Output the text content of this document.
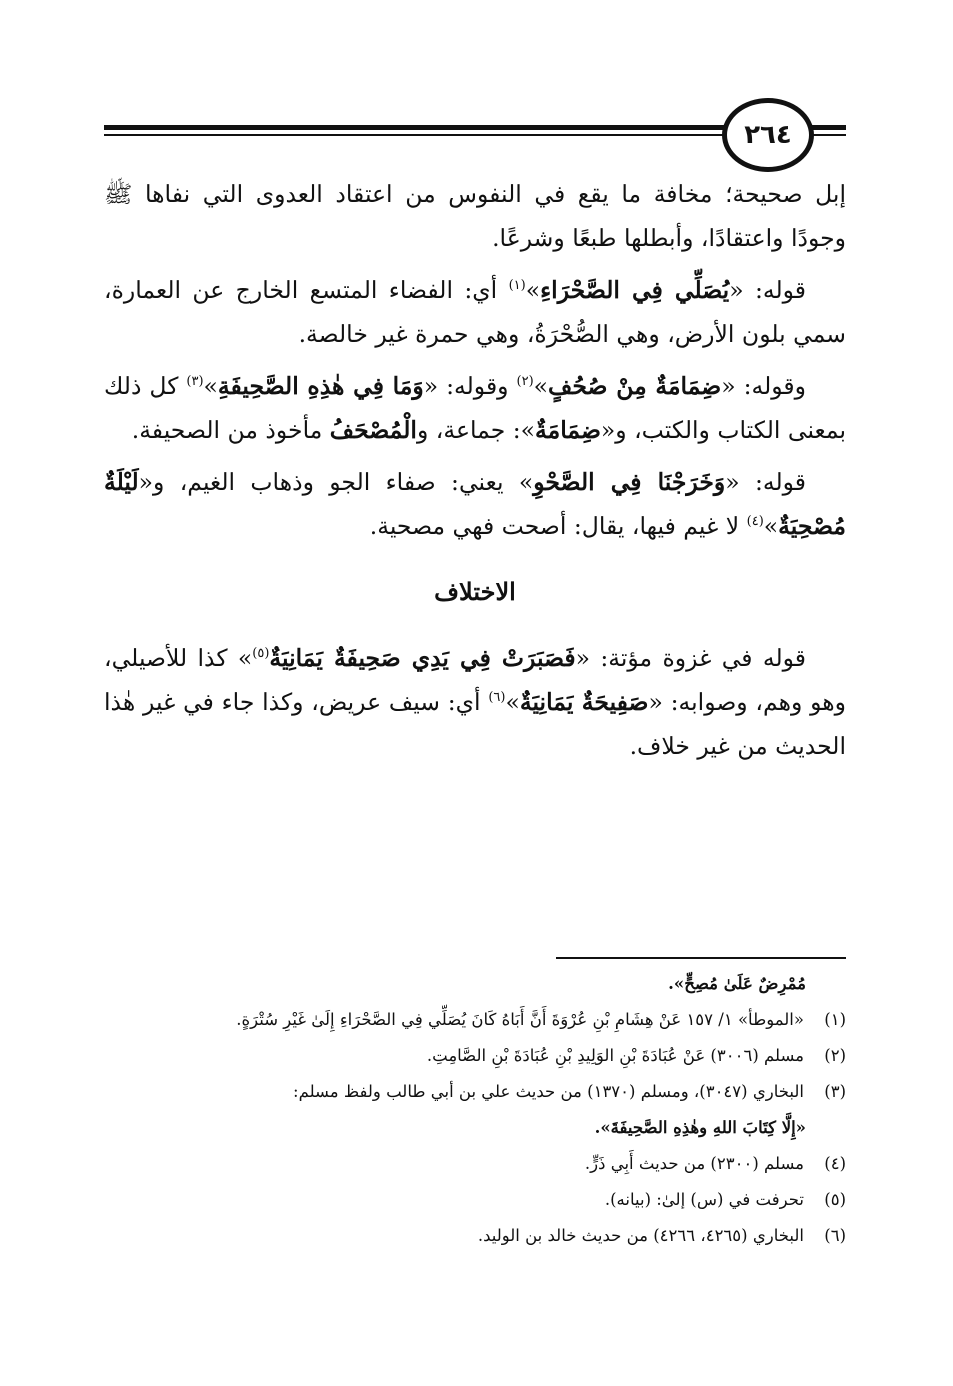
٢٦٤

إبل صحيحة؛ مخافة ما يقع في النفوس من اعتقاد العدوى التي نفاها ﷺ وجودًا واعتقادًا، وأبطلها طبعًا وشرعًا.

قوله: «يُصَلِّي فِي الصَّحْرَاءِ»$^{(١)}$ أي: الفضاء المتسع الخارج عن العمارة، سمي بلون الأرض، وهي الصُّحْرَةُ، وهي حمرة غير خالصة.

وقوله: «ضِمَامَةٌ مِنْ صُحُفٍ»$^{(٢)}$ وقوله: «وَمَا فِي هٰذِهِ الصَّحِيفَةِ»$^{(٣)}$ كل ذلك بمعنى الكتاب والكتب، و«ضِمَامَةٌ»: جماعة، والْمُصْحَفُ مأخوذ من الصحيفة.

قوله: «وَخَرَجْنَا فِي الصَّحْوِ» يعني: صفاء الجو وذهاب الغيم، و«لَيْلَةٌ مُصْحِيَةٌ»$^{(٤)}$ لا غيم فيها، يقال: أصحت فهي مصحية.

الاختلاف

قوله في غزوة مؤتة: «فَصَبَرَتْ فِي يَدِي صَحِيفَةٌ يَمَانِيَةٌ$^{(٥)}$» كذا للأصيلي، وهو وهم، وصوابه: «صَفِيحَةٌ يَمَانِيَةٌ»$^{(٦)}$ أي: سيف عريض، وكذا جاء في غير هٰذا الحديث من غير خلاف.

مُمْرِضٌ عَلَىٰ مُصِحٍّ».
(١)
«الموطأ» ١/ ١٥٧ عَنْ هِشَامِ بْنِ عُرْوَةَ أَنَّ أَبَاهُ كَانَ يُصَلِّي فِي الصَّحْرَاءِ إِلَىٰ غَيْرِ سُتْرَةٍ.
(٢)
مسلم (٣٠٠٦) عَنْ عُبَادَةَ بْنِ الوَلِيدِ بْنِ عُبَادَةَ بْنِ الصَّامِتِ.
(٣)
البخاري (٣٠٤٧)، ومسلم (١٣٧٠) من حديث علي بن أبي طالب ولفظ مسلم:
«إِلَّا كِتَابَ اللهِ وهٰذِهِ الصَّحِيفَةَ».
(٤)
مسلم (٢٣٠٠) من حديث أَبِي ذَرٍّ.
(٥)
تحرفت في (س) إلىٰ: (بيانه).
(٦)
البخاري (٤٢٦٥، ٤٢٦٦) من حديث خالد بن الوليد.
